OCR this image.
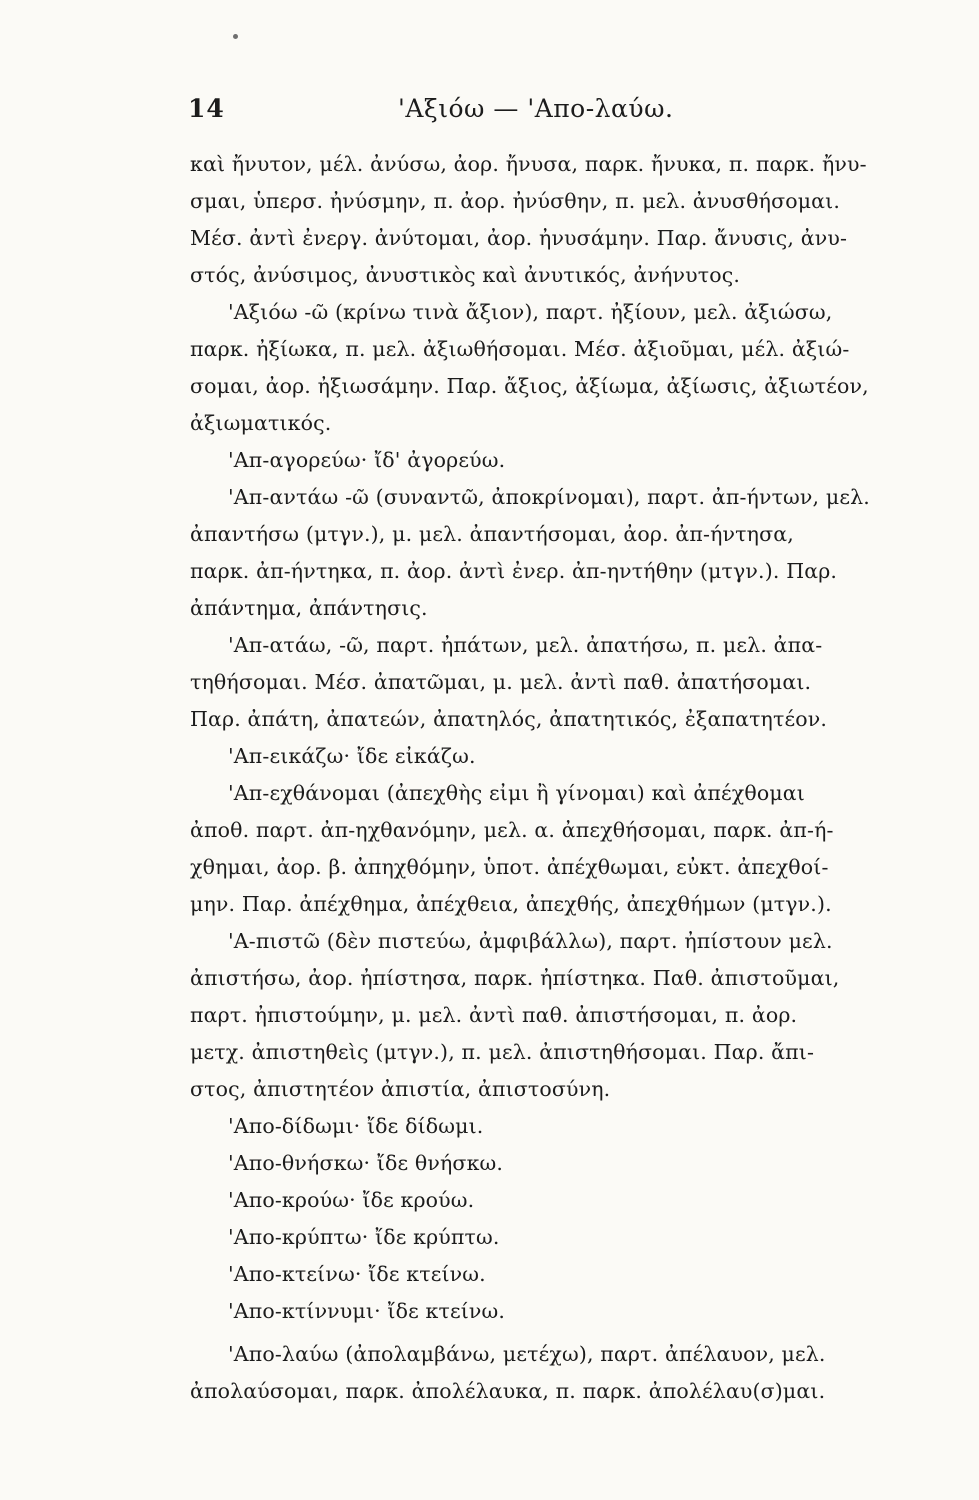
14	'Αξιόω — 'Απο-λαύω.
καὶ ἤνυτον, μέλ. ἀνύσω, ἀορ. ἤνυσα, παρκ. ἤνυκα, π. παρκ. ἤνυ-
σμαι, ὑπερσ. ἠνύσμην, π. ἀορ. ἠνύσθην, π. μελ. ἀνυσθήσομαι.
Μέσ. ἀντὶ ἐνεργ. ἀνύτομαι, ἀορ. ἠνυσάμην. Παρ. ἄνυσις, ἀνυ-
στός, ἀνύσιμος, ἀνυστικὸς καὶ ἀνυτικός, ἀνήνυτος.
'Αξιόω -ῶ (κρίνω τινὰ ἄξιον), παρτ. ἠξίουν, μελ. ἀξιώσω,
παρκ. ἠξίωκα, π. μελ. ἀξιωθήσομαι. Μέσ. ἀξιοῦμαι, μέλ. ἀξιώ-
σομαι, ἀορ. ἠξιωσάμην. Παρ. ἄξιος, ἀξίωμα, ἀξίωσις, ἀξιωτέον,
ἀξιωματικός.
'Απ-αγορεύω· ἴδ' ἀγορεύω.
'Απ-αντάω -ῶ (συναντῶ, ἀποκρίνομαι), παρτ. ἀπ-ήντων, μελ.
ἀπαντήσω (μτγν.), μ. μελ. ἀπαντήσομαι, ἀορ. ἀπ-ήντησα,
παρκ. ἀπ-ήντηκα, π. ἀορ. ἀντὶ ἐνερ. ἀπ-ηντήθην (μτγν.). Παρ.
ἀπάντημα, ἀπάντησις.
'Απ-ατάω, -ῶ, παρτ. ἠπάτων, μελ. ἀπατήσω, π. μελ. ἀπα-
τηθήσομαι. Μέσ. ἀπατῶμαι, μ. μελ. ἀντὶ παθ. ἀπατήσομαι.
Παρ. ἀπάτη, ἀπατεών, ἀπατηλός, ἀπατητικός, ἐξαπατητέον.
'Απ-εικάζω· ἴδε εἰκάζω.
'Απ-εχθάνομαι (ἀπεχθὴς εἰμι ἢ γίνομαι) καὶ ἀπέχθομαι
ἀποθ. παρτ. ἀπ-ηχθανόμην, μελ. α. ἀπεχθήσομαι, παρκ. ἀπ-ή-
χθημαι, ἀορ. β. ἀπηχθόμην, ὑποτ. ἀπέχθωμαι, εὐκτ. ἀπεχθοί-
μην. Παρ. ἀπέχθημα, ἀπέχθεια, ἀπεχθής, ἀπεχθήμων (μτγν.).
'Α-πιστῶ (δὲν πιστεύω, ἀμφιβάλλω), παρτ. ἠπίστουν μελ.
ἀπιστήσω, ἀορ. ἠπίστησα, παρκ. ἠπίστηκα. Παθ. ἀπιστοῦμαι,
παρτ. ἠπιστούμην, μ. μελ. ἀντὶ παθ. ἀπιστήσομαι, π. ἀορ.
μετχ. ἀπιστηθεὶς (μτγν.), π. μελ. ἀπιστηθήσομαι. Παρ. ἄπι-
στος, ἀπιστητέον ἀπιστία, ἀπιστοσύνη.
'Απο-δίδωμι· ἴδε δίδωμι.
'Απο-θνήσκω· ἴδε θνήσκω.
'Απο-κρούω· ἴδε κρούω.
'Απο-κρύπτω· ἴδε κρύπτω.
'Απο-κτείνω· ἴδε κτείνω.
'Απο-κτίννυμι· ἴδε κτείνω.
'Απο-λαύω (ἀπολαμβάνω, μετέχω), παρτ. ἀπέλαυον, μελ.
ἀπολαύσομαι, παρκ. ἀπολέλαυκα, π. παρκ. ἀπολέλαυ(σ)μαι.
